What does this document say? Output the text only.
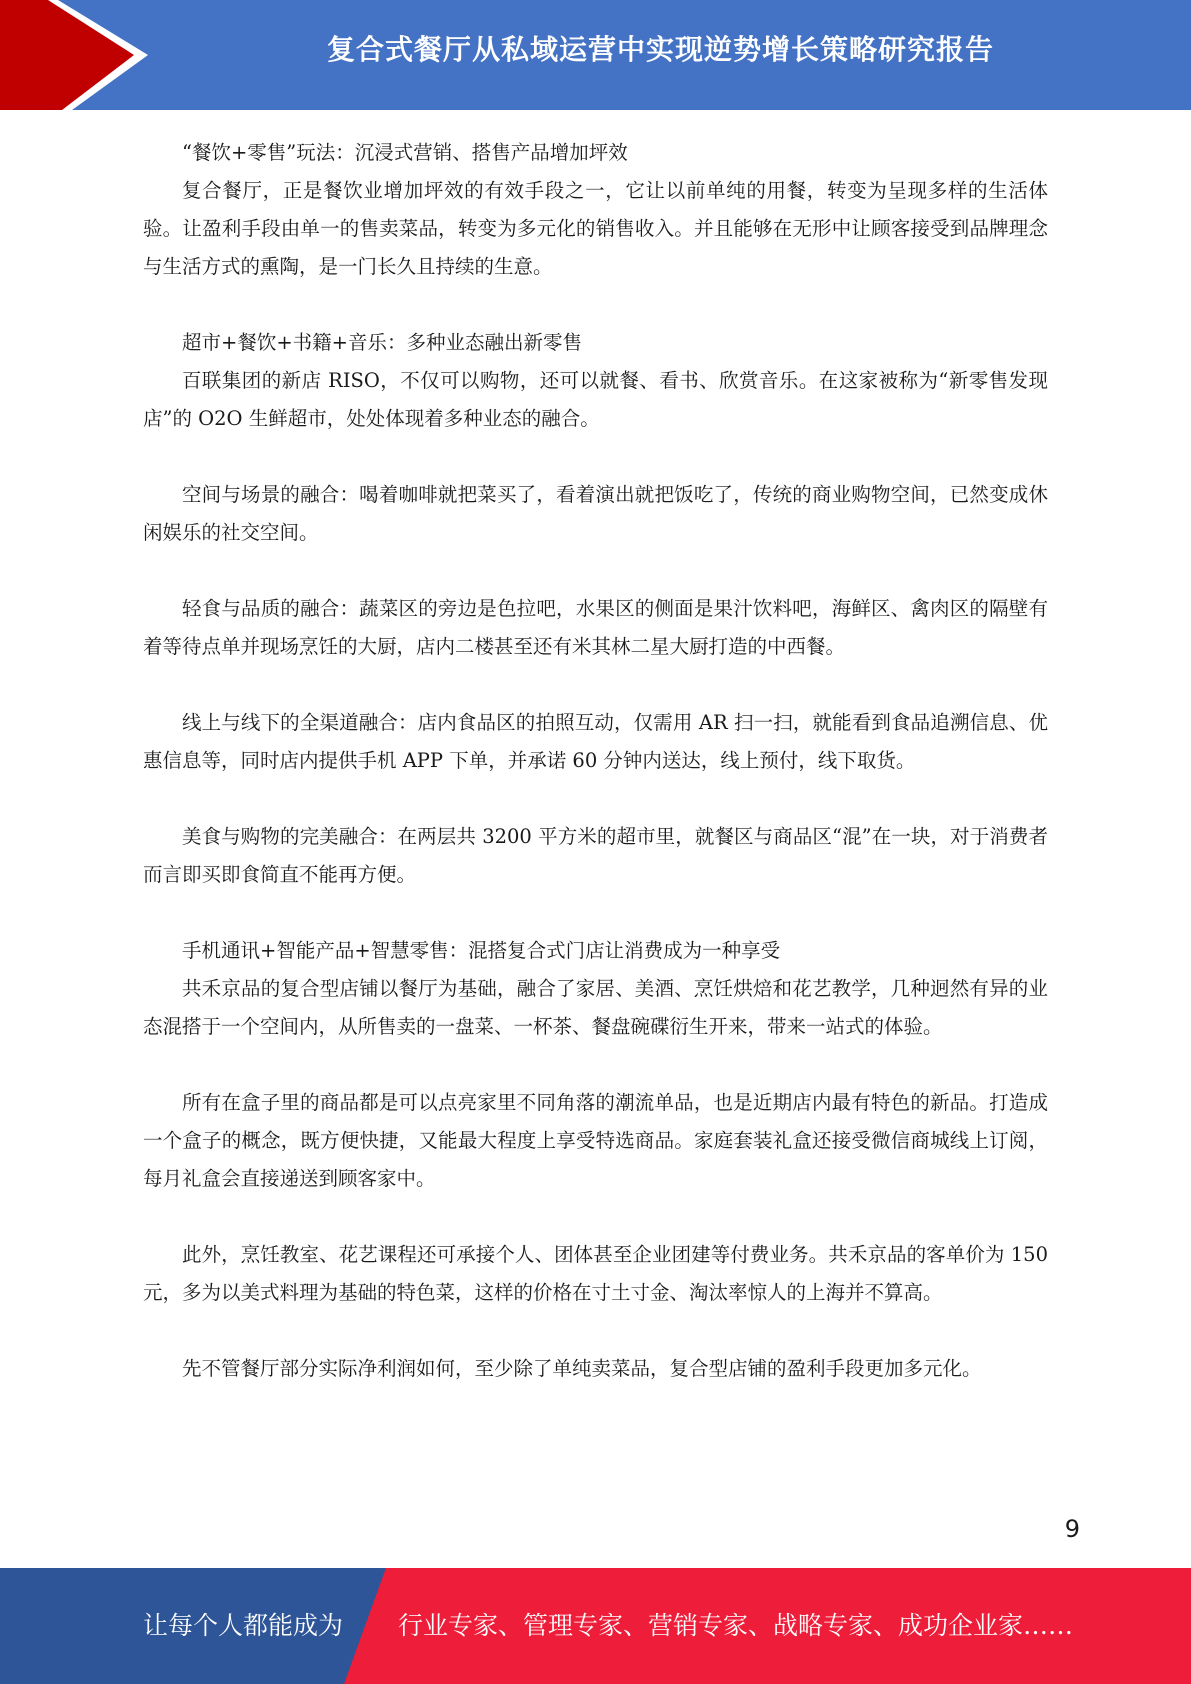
复合式餐厅从私域运营中实现逆势增长策略研究报告

“餐饮+零售”玩法：沉浸式营销、搭售产品增加坪效

复合餐厅，正是餐饮业增加坪效的有效手段之一，它让以前单纯的用餐，转变为呈现多样的生活体验。让盈利手段由单一的售卖菜品，转变为多元化的销售收入。并且能够在无形中让顾客接受到品牌理念与生活方式的熏陶，是一门长久且持续的生意。

超市+餐饮+书籍+音乐：多种业态融出新零售

百联集团的新店 RISO，不仅可以购物，还可以就餐、看书、欣赏音乐。在这家被称为“新零售发现店”的 O2O 生鲜超市，处处体现着多种业态的融合。

空间与场景的融合：喝着咖啡就把菜买了，看着演出就把饭吃了，传统的商业购物空间，已然变成休闲娱乐的社交空间。

轻食与品质的融合：蔬菜区的旁边是色拉吧，水果区的侧面是果汁饮料吧，海鲜区、禽肉区的隔壁有着等待点单并现场烹饪的大厨，店内二楼甚至还有米其林二星大厨打造的中西餐。

线上与线下的全渠道融合：店内食品区的拍照互动，仅需用 AR 扫一扫，就能看到食品追溯信息、优惠信息等，同时店内提供手机 APP 下单，并承诺 60 分钟内送达，线上预付，线下取货。

美食与购物的完美融合：在两层共 3200 平方米的超市里，就餐区与商品区“混”在一块，对于消费者而言即买即食简直不能再方便。

手机通讯+智能产品+智慧零售：混搭复合式门店让消费成为一种享受

共禾京品的复合型店铺以餐厅为基础，融合了家居、美酒、烹饪烘焙和花艺教学，几种迥然有异的业态混搭于一个空间内，从所售卖的一盘菜、一杯茶、餐盘碗碟衍生开来，带来一站式的体验。

所有在盒子里的商品都是可以点亮家里不同角落的潮流单品，也是近期店内最有特色的新品。打造成一个盒子的概念，既方便快捷，又能最大程度上享受特选商品。家庭套装礼盒还接受微信商城线上订阅，每月礼盒会直接递送到顾客家中。

此外，烹饪教室、花艺课程还可承接个人、团体甚至企业团建等付费业务。共禾京品的客单价为 150 元，多为以美式料理为基础的特色菜，这样的价格在寸土寸金、淘汰率惊人的上海并不算高。

先不管餐厅部分实际净利润如何，至少除了单纯卖菜品，复合型店铺的盈利手段更加多元化。

9
让每个人都能成为 行业专家、管理专家、营销专家、战略专家、成功企业家……
